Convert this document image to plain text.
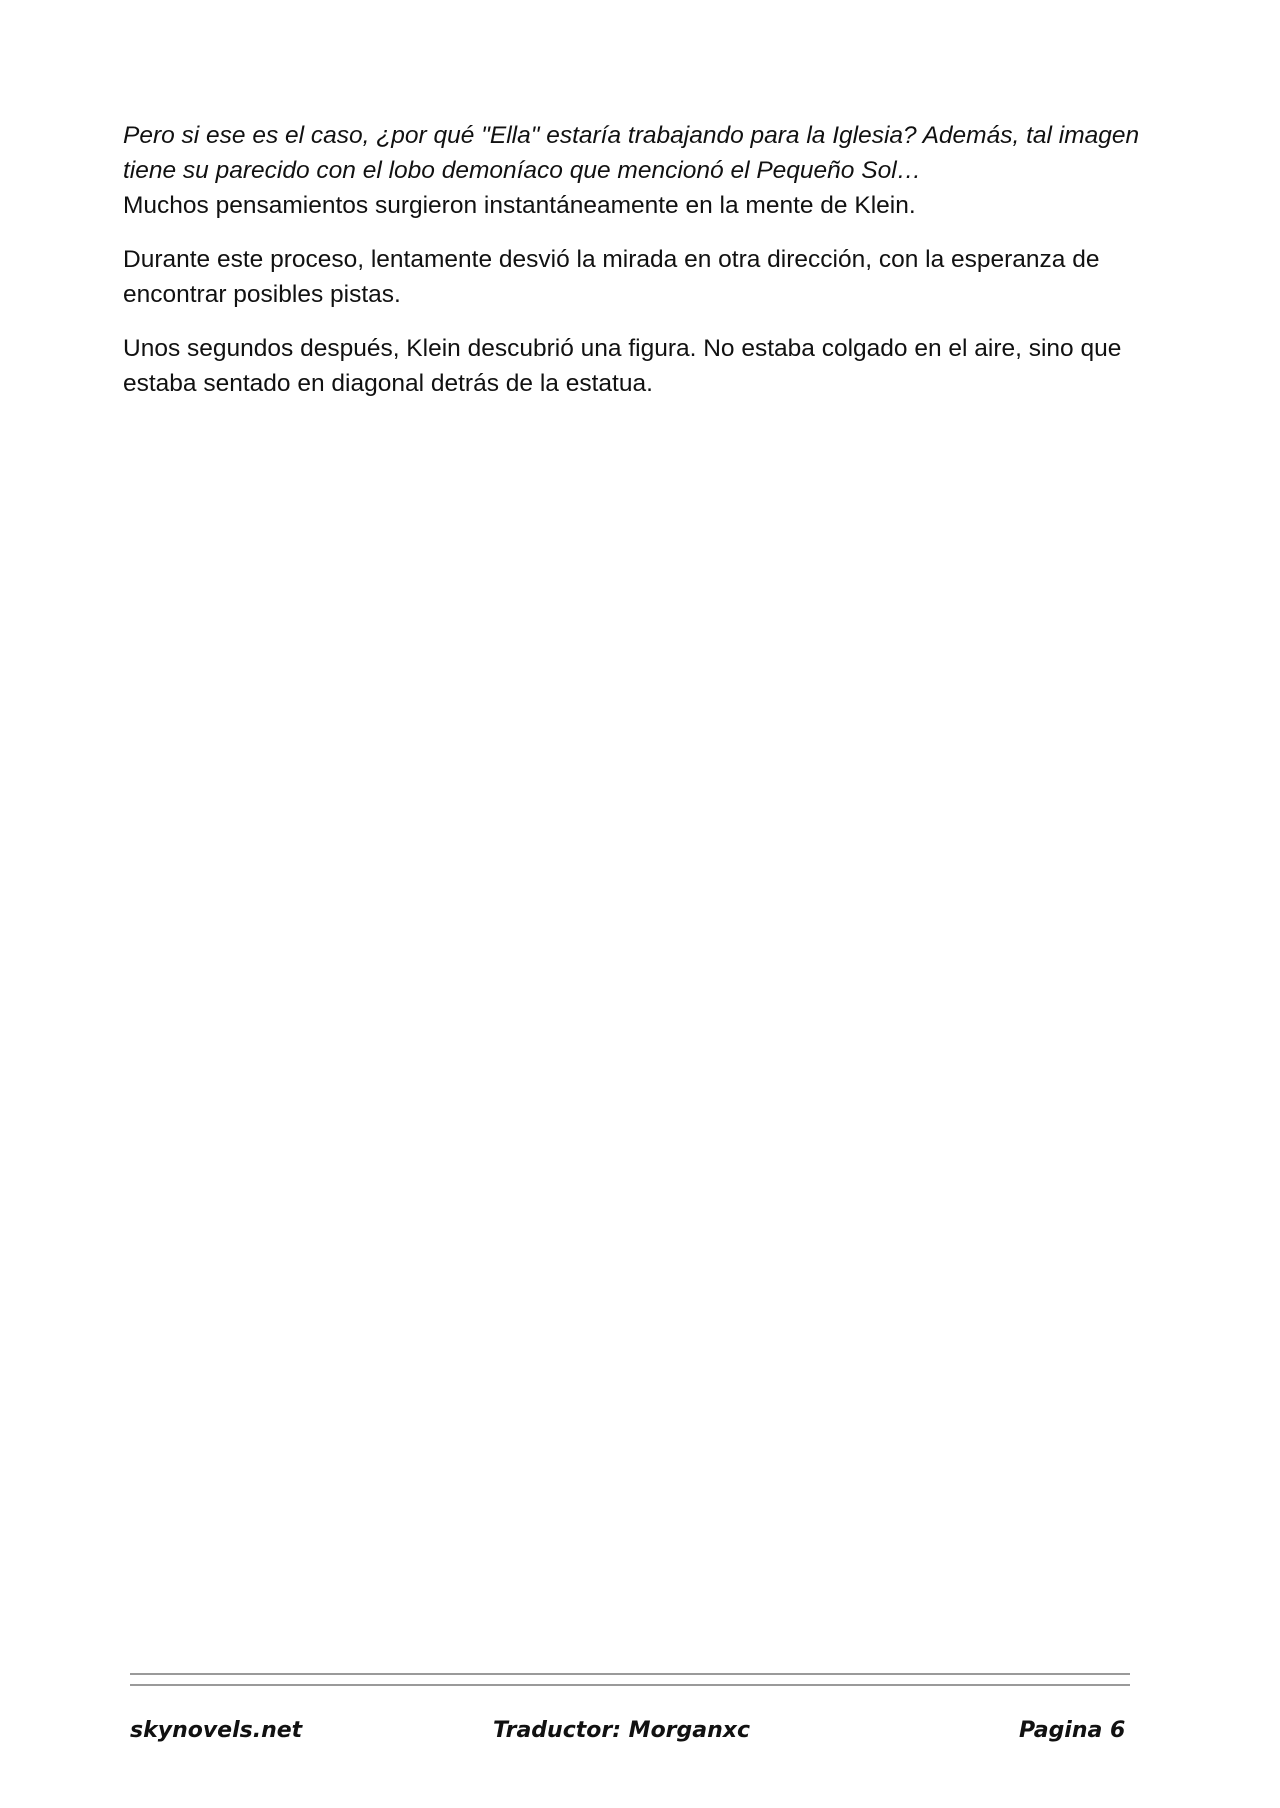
Pero si ese es el caso, ¿por qué "Ella" estaría trabajando para la Iglesia? Además, tal imagen tiene su parecido con el lobo demoníaco que mencionó el Pequeño Sol…
Muchos pensamientos surgieron instantáneamente en la mente de Klein.

Durante este proceso, lentamente desvió la mirada en otra dirección, con la esperanza de encontrar posibles pistas.

Unos segundos después, Klein descubrió una figura. No estaba colgado en el aire, sino que estaba sentado en diagonal detrás de la estatua.

skynovels.net	Traductor: Morganxc	Pagina 6
